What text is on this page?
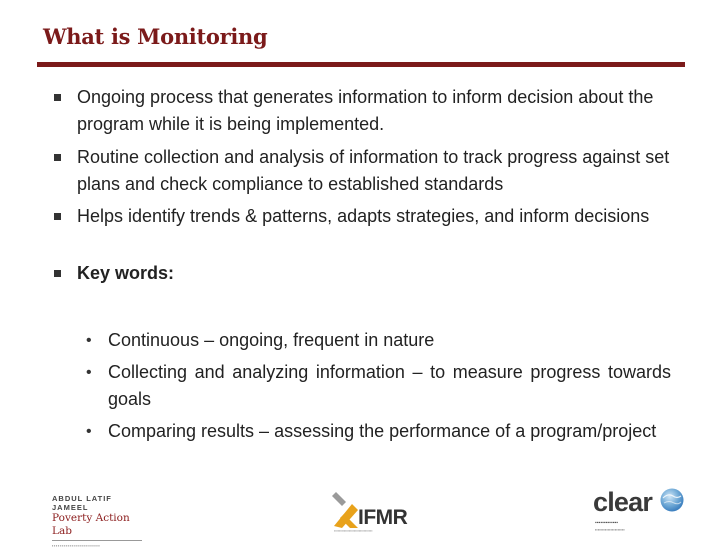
What is Monitoring
Ongoing process that generates information to inform decision about the program while it is being implemented.
Routine collection and analysis of information to track progress against set plans and check compliance to established standards
Helps identify trends & patterns, adapts strategies, and inform decisions
Key words:
• Continuous – ongoing, frequent in nature
• Collecting and analyzing information – to measure progress towards goals
• Comparing results – assessing the performance of a program/project
ABDUL LATIF JAMEEL
Poverty Action Lab
▪▪▪▪▪▪▪▪▪▪▪▪▪▪▪▪▪▪▪▪▪▪▪▪
IFMR
▪▪▪▪▪▪▪▪▪▪▪▪▪▪▪▪▪▪▪▪▪▪▪▪▪▪▪▪▪▪▪
clear
▪▪▪▪▪▪▪▪▪▪▪▪▪
▪▪▪▪▪▪▪▪▪▪▪▪▪▪▪▪▪▪▪▪▪
